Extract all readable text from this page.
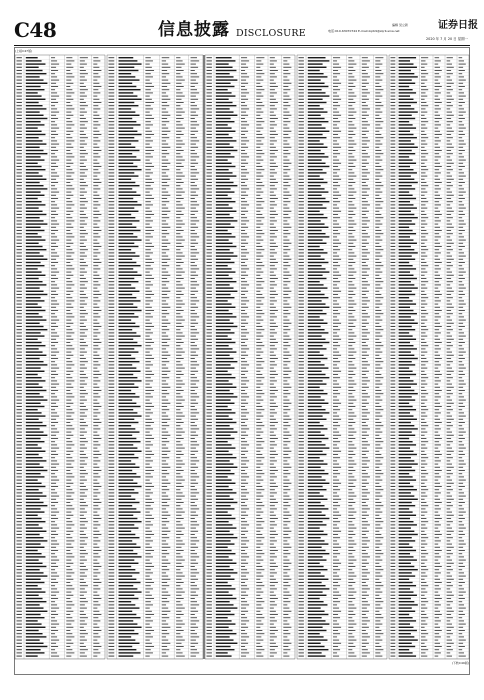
C48	信息披露 DISCLOSURE
编辑 吴立新
电话:010-63070744 E-mail:zqrb9@zqrb.sina.net	证券日报
2020 年 7 月 20 日 星期一
(上接C47版)
(下转C49版)
